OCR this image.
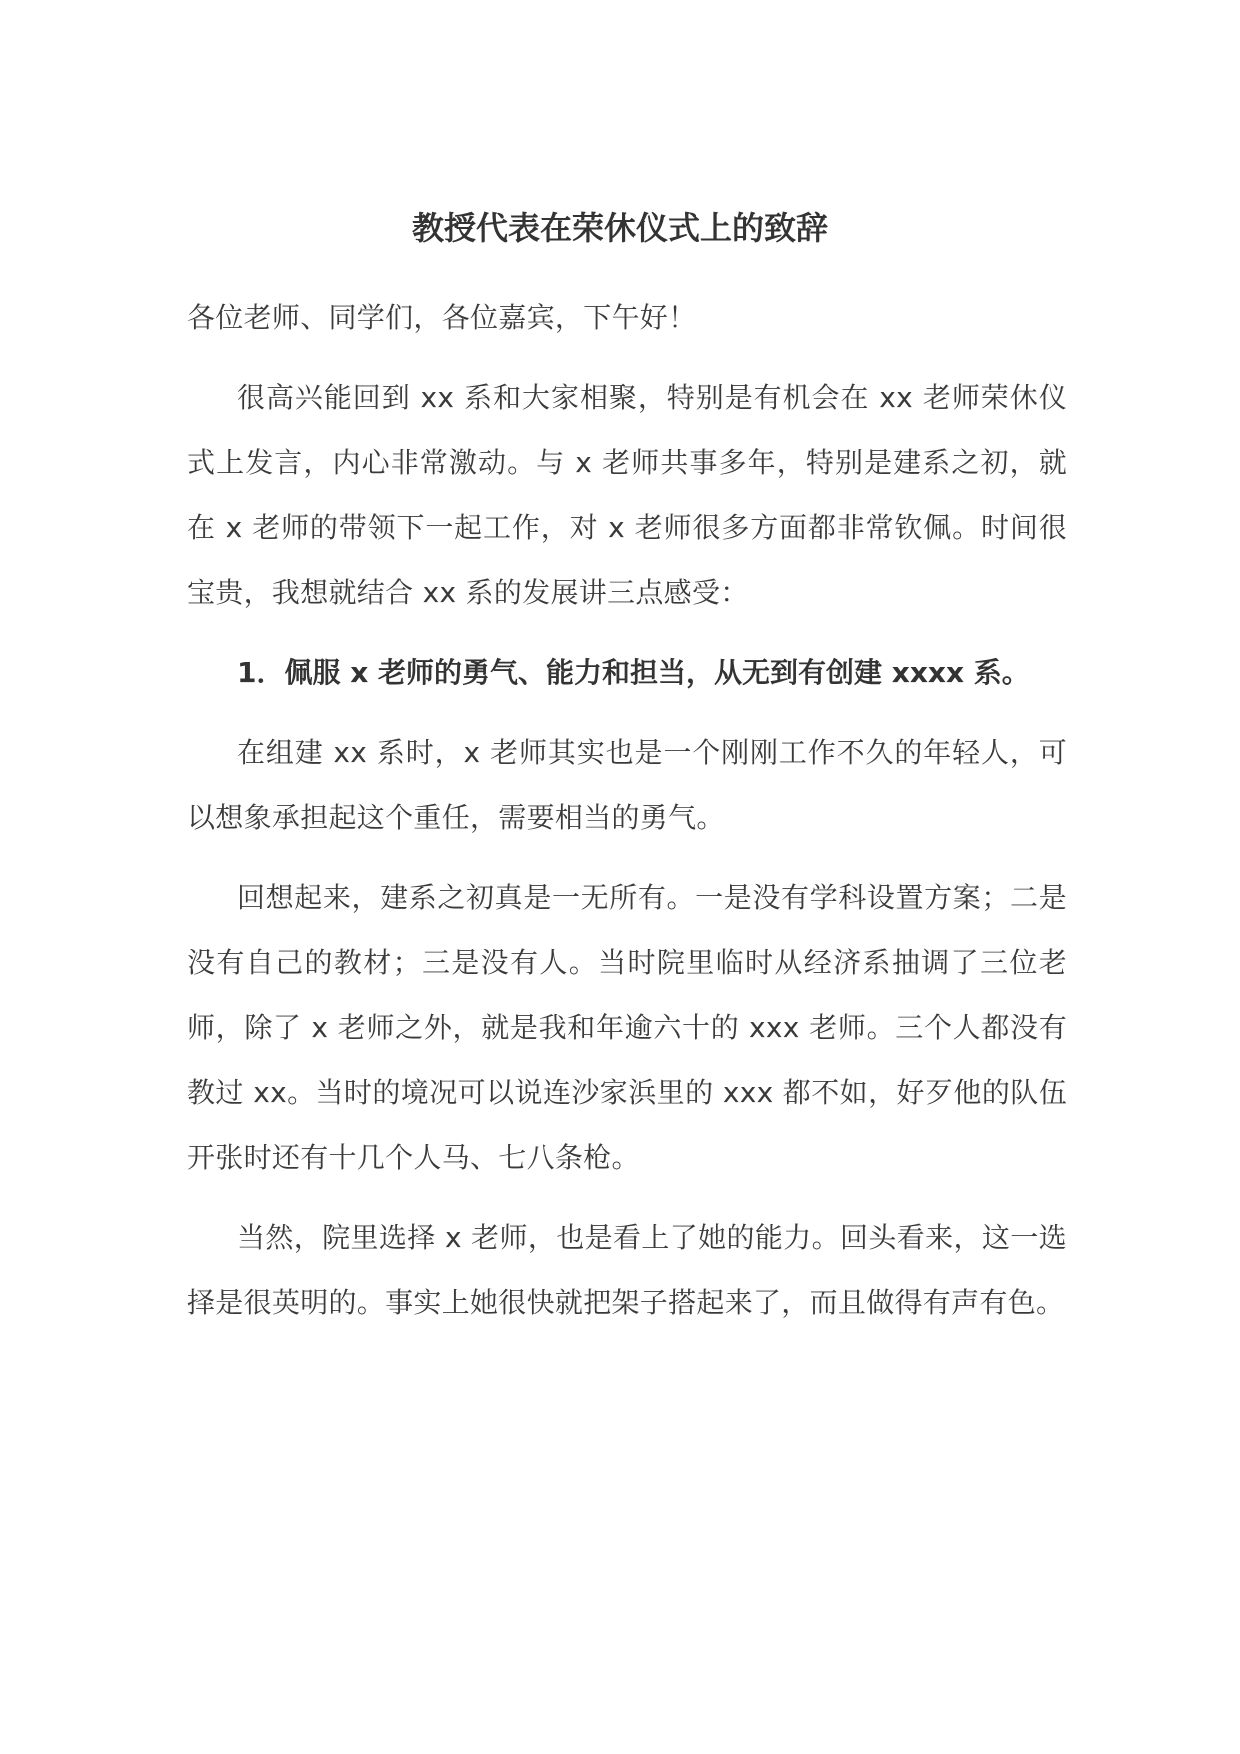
教授代表在荣休仪式上的致辞

各位老师、同学们，各位嘉宾，下午好！

很高兴能回到 xx 系和大家相聚，特别是有机会在 xx 老师荣休仪式上发言，内心非常激动。与 x 老师共事多年，特别是建系之初，就在 x 老师的带领下一起工作，对 x 老师很多方面都非常钦佩。时间很宝贵，我想就结合 xx 系的发展讲三点感受：

1．佩服 x 老师的勇气、能力和担当，从无到有创建 xxxx 系。

在组建 xx 系时，x 老师其实也是一个刚刚工作不久的年轻人，可以想象承担起这个重任，需要相当的勇气。

回想起来，建系之初真是一无所有。一是没有学科设置方案；二是没有自己的教材；三是没有人。当时院里临时从经济系抽调了三位老师，除了 x 老师之外，就是我和年逾六十的 xxx 老师。三个人都没有教过 xx。当时的境况可以说连沙家浜里的 xxx 都不如，好歹他的队伍开张时还有十几个人马、七八条枪。

当然，院里选择 x 老师，也是看上了她的能力。回头看来，这一选择是很英明的。事实上她很快就把架子搭起来了，而且做得有声有色。
